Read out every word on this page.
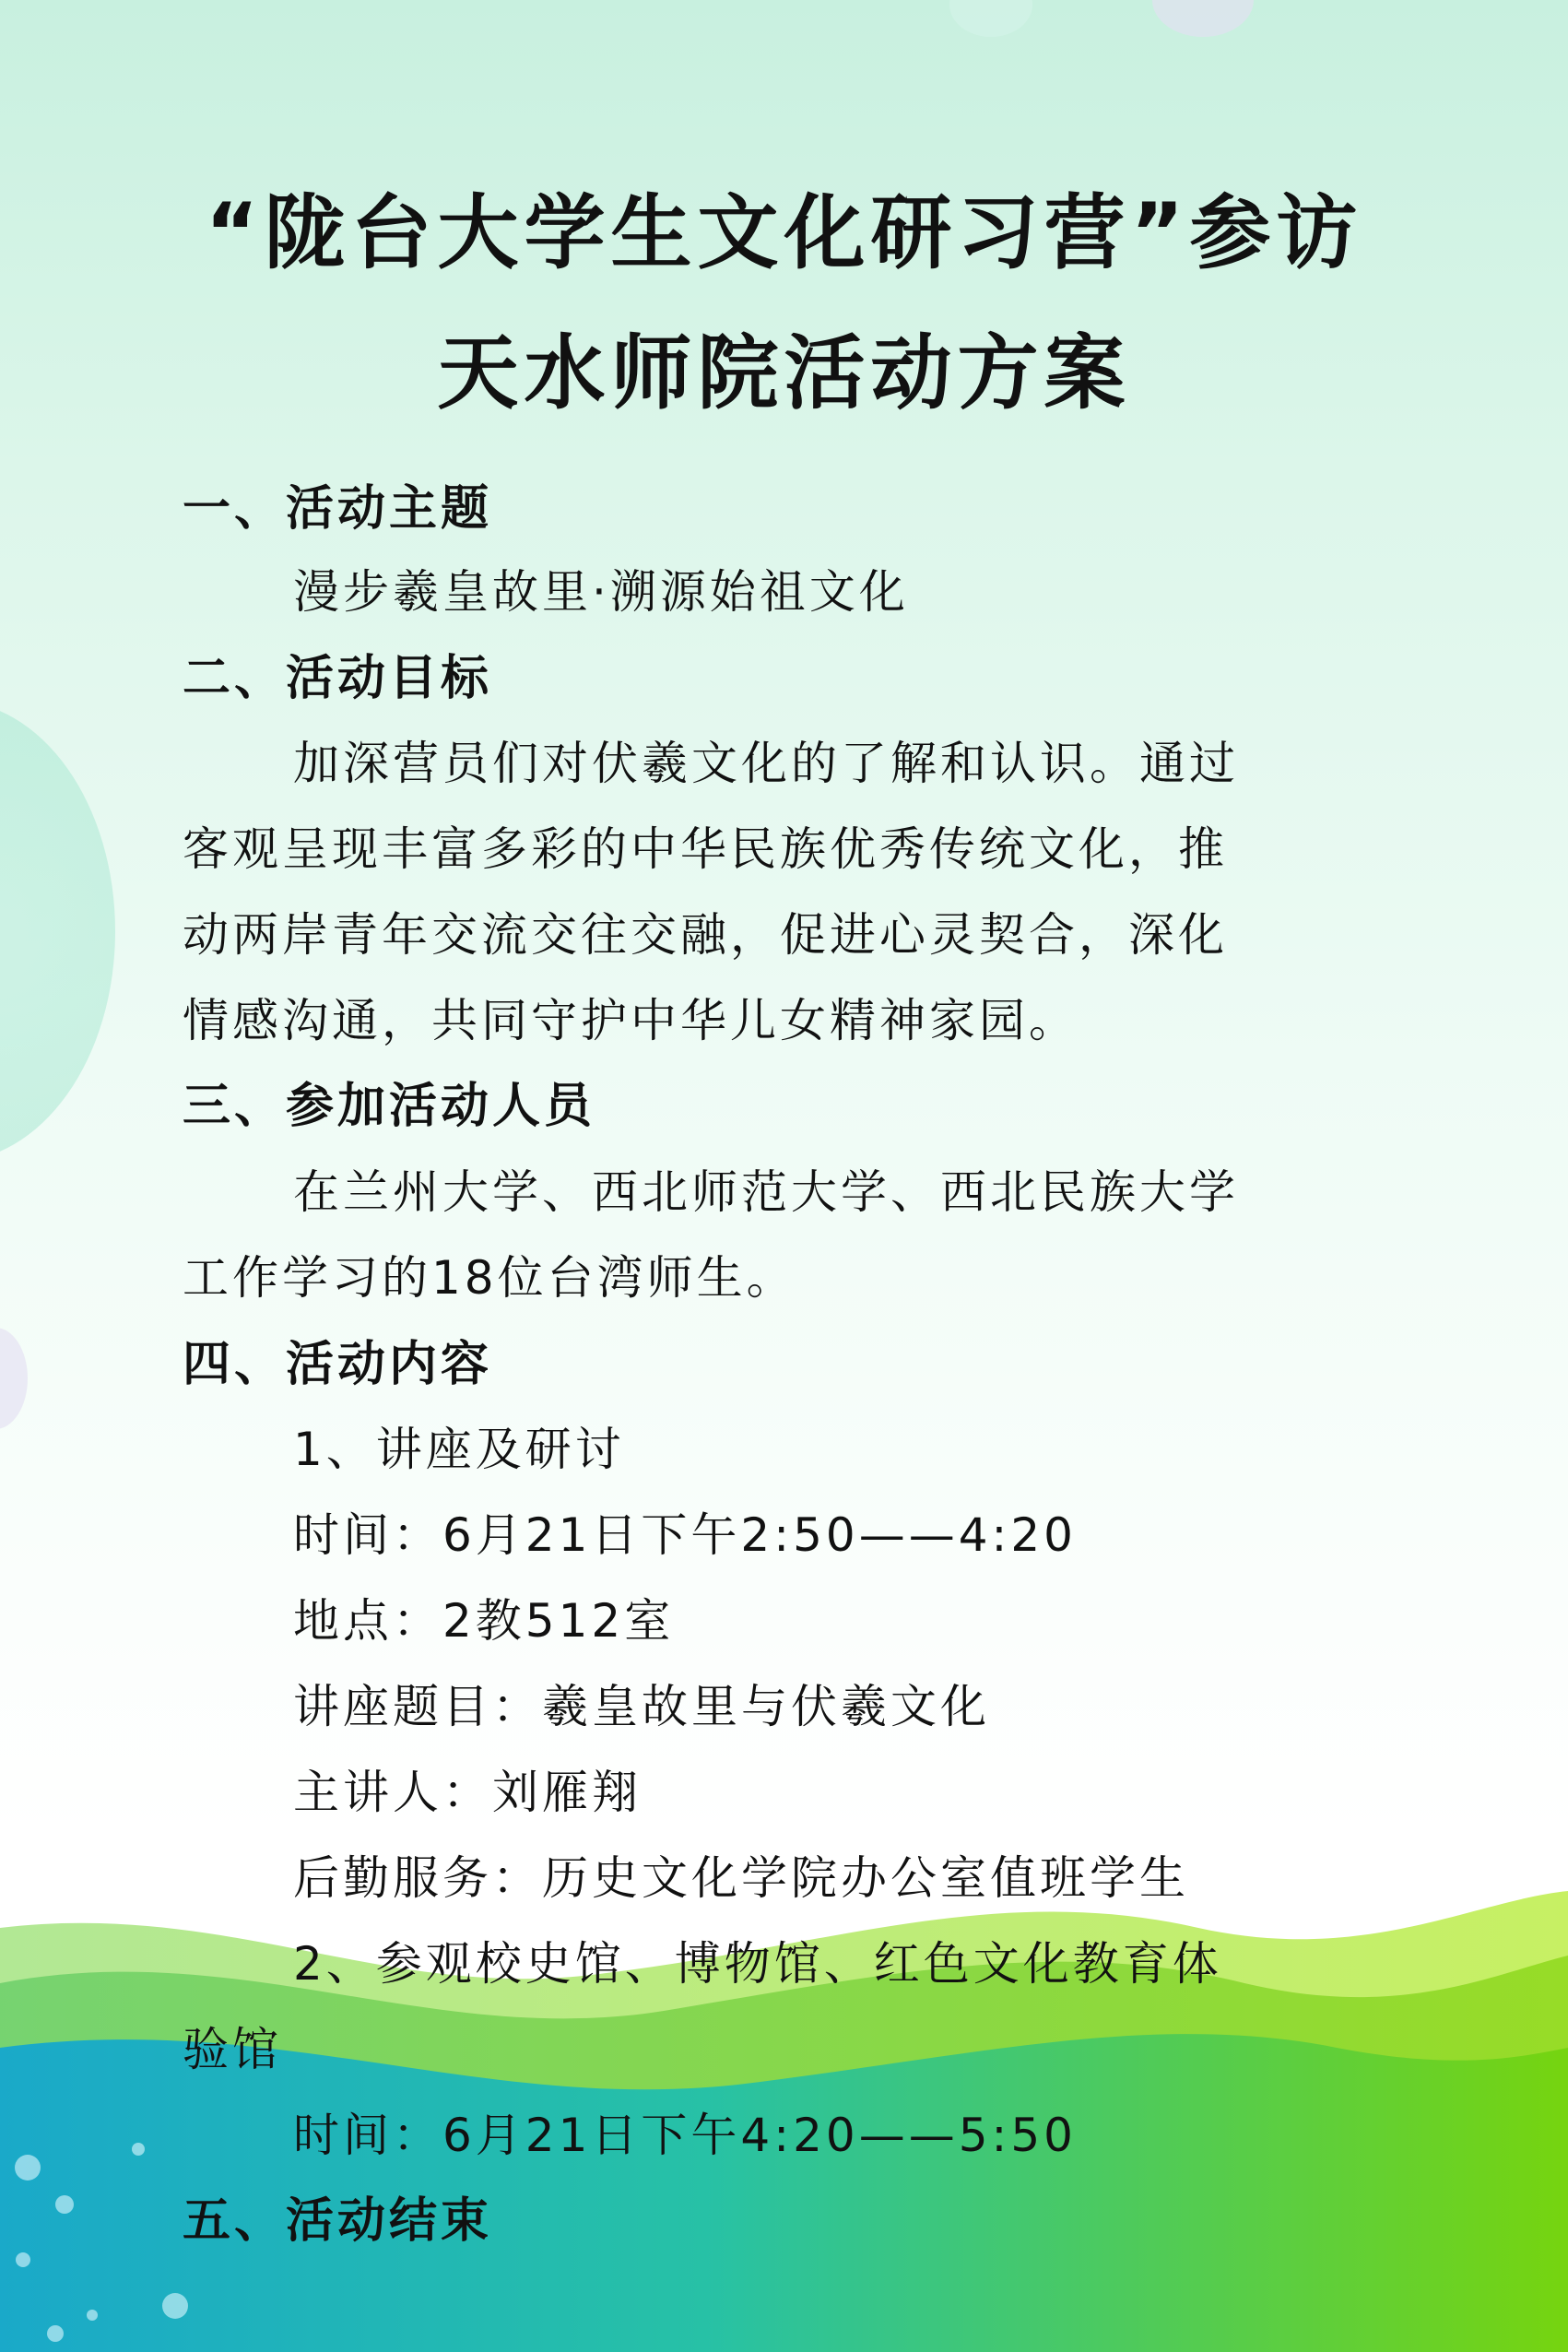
“陇台大学生文化研习营”参访
天水师院活动方案
一、活动主题
漫步羲皇故里·溯源始祖文化
二、活动目标
加深营员们对伏羲文化的了解和认识。通过
客观呈现丰富多彩的中华民族优秀传统文化，推
动两岸青年交流交往交融，促进心灵契合，深化
情感沟通，共同守护中华儿女精神家园。
三、参加活动人员
在兰州大学、西北师范大学、西北民族大学
工作学习的18位台湾师生。
四、活动内容
1、讲座及研讨
时间：6月21日下午2:50——4:20
地点：2教512室
讲座题目：羲皇故里与伏羲文化
主讲人：刘雁翔
后勤服务：历史文化学院办公室值班学生
2、参观校史馆、博物馆、红色文化教育体
验馆
时间：6月21日下午4:20——5:50
五、活动结束
